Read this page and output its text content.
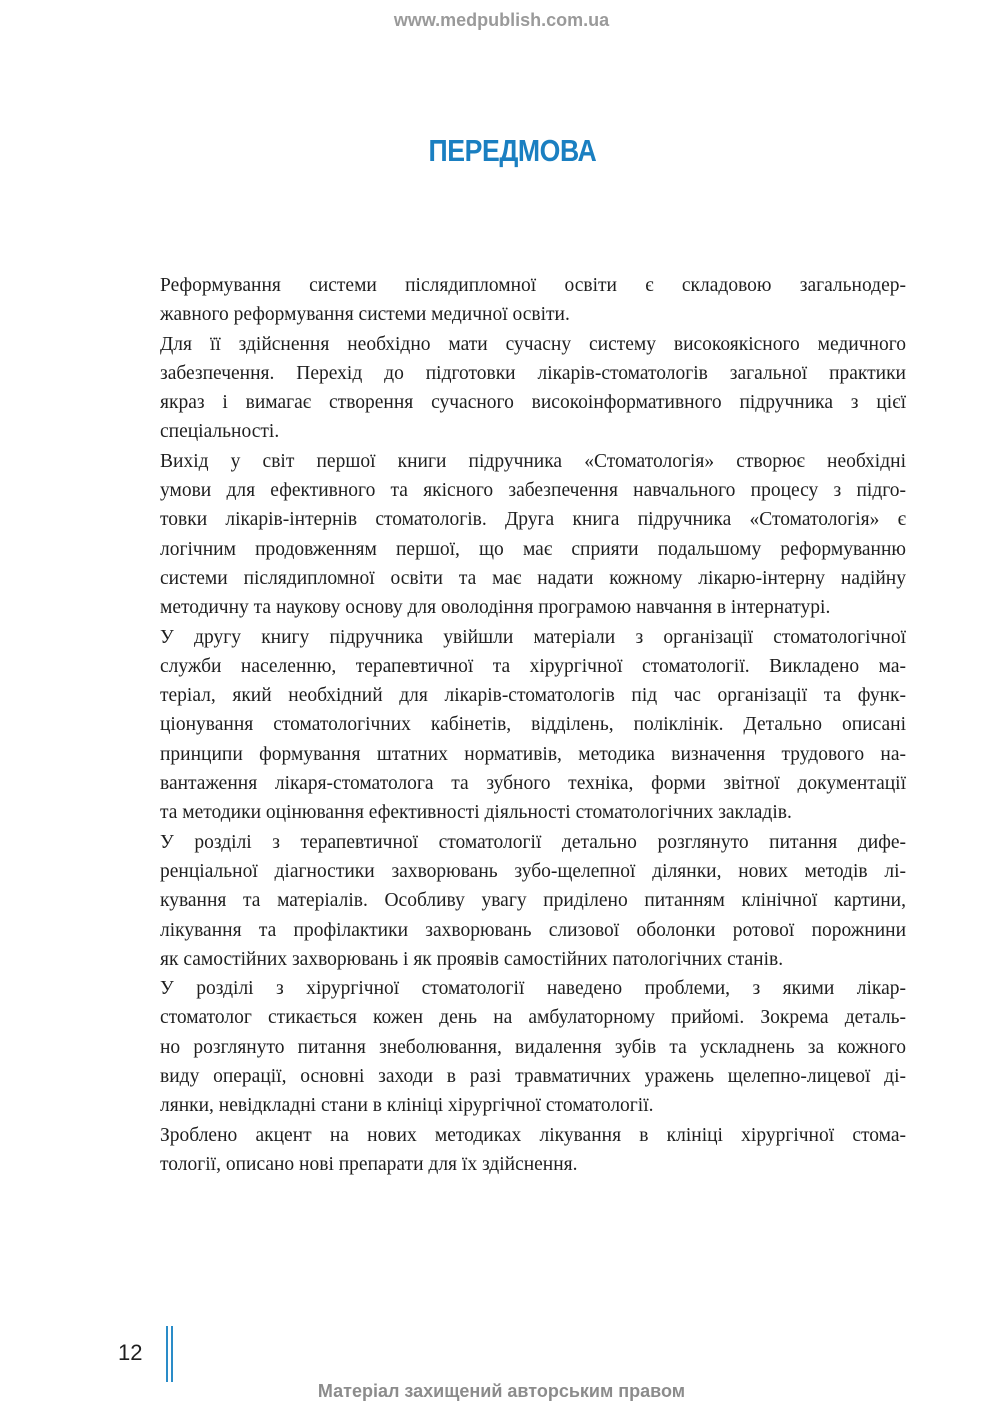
www.medpublish.com.ua
ПЕРЕДМОВА

Реформування системи післядипломної освіти є складовою загальнодер-
жавного реформування системи медичної освіти.

Для її здійснення необхідно мати сучасну систему високоякісного медичного
забезпечення. Перехід до підготовки лікарів-стоматологів загальної практики
якраз і вимагає створення сучасного високоінформативного підручника з цієї
спеціальності.

Вихід у світ першої книги підручника «Стоматологія» створює необхідні
умови для ефективного та якісного забезпечення навчального процесу з підго-
товки лікарів-інтернів стоматологів. Друга книга підручника «Стоматологія» є
логічним продовженням першої, що має сприяти подальшому реформуванню
системи післядипломної освіти та має надати кожному лікарю-інтерну надійну
методичну та наукову основу для оволодіння програмою навчання в інтернатурі.

У другу книгу підручника увійшли матеріали з організації стоматологічної
служби населенню, терапевтичної та хірургічної стоматології. Викладено ма-
теріал, який необхідний для лікарів-стоматологів під час організації та функ-
ціонування стоматологічних кабінетів, відділень, поліклінік. Детально описані
принципи формування штатних нормативів, методика визначення трудового на-
вантаження лікаря-стоматолога та зубного техніка, форми звітної документації
та методики оцінювання ефективності діяльності стоматологічних закладів.

У розділі з терапевтичної стоматології детально розглянуто питання дифе-
ренціальної діагностики захворювань зубо-щелепної ділянки, нових методів лі-
кування та матеріалів. Особливу увагу приділено питанням клінічної картини,
лікування та профілактики захворювань слизової оболонки ротової порожнини
як самостійних захворювань і як проявів самостійних патологічних станів.

У розділі з хірургічної стоматології наведено проблеми, з якими лікар-
стоматолог стикається кожен день на амбулаторному прийомі. Зокрема деталь-
но розглянуто питання знеболювання, видалення зубів та ускладнень за кожного
виду операції, основні заходи в разі травматичних уражень щелепно-лицевої ді-
лянки, невідкладні стани в клініці хірургічної стоматології.

Зроблено акцент на нових методиках лікування в клініці хірургічної стома-
тології, описано нові препарати для їх здійснення.

12
Матеріал захищений авторським правом
